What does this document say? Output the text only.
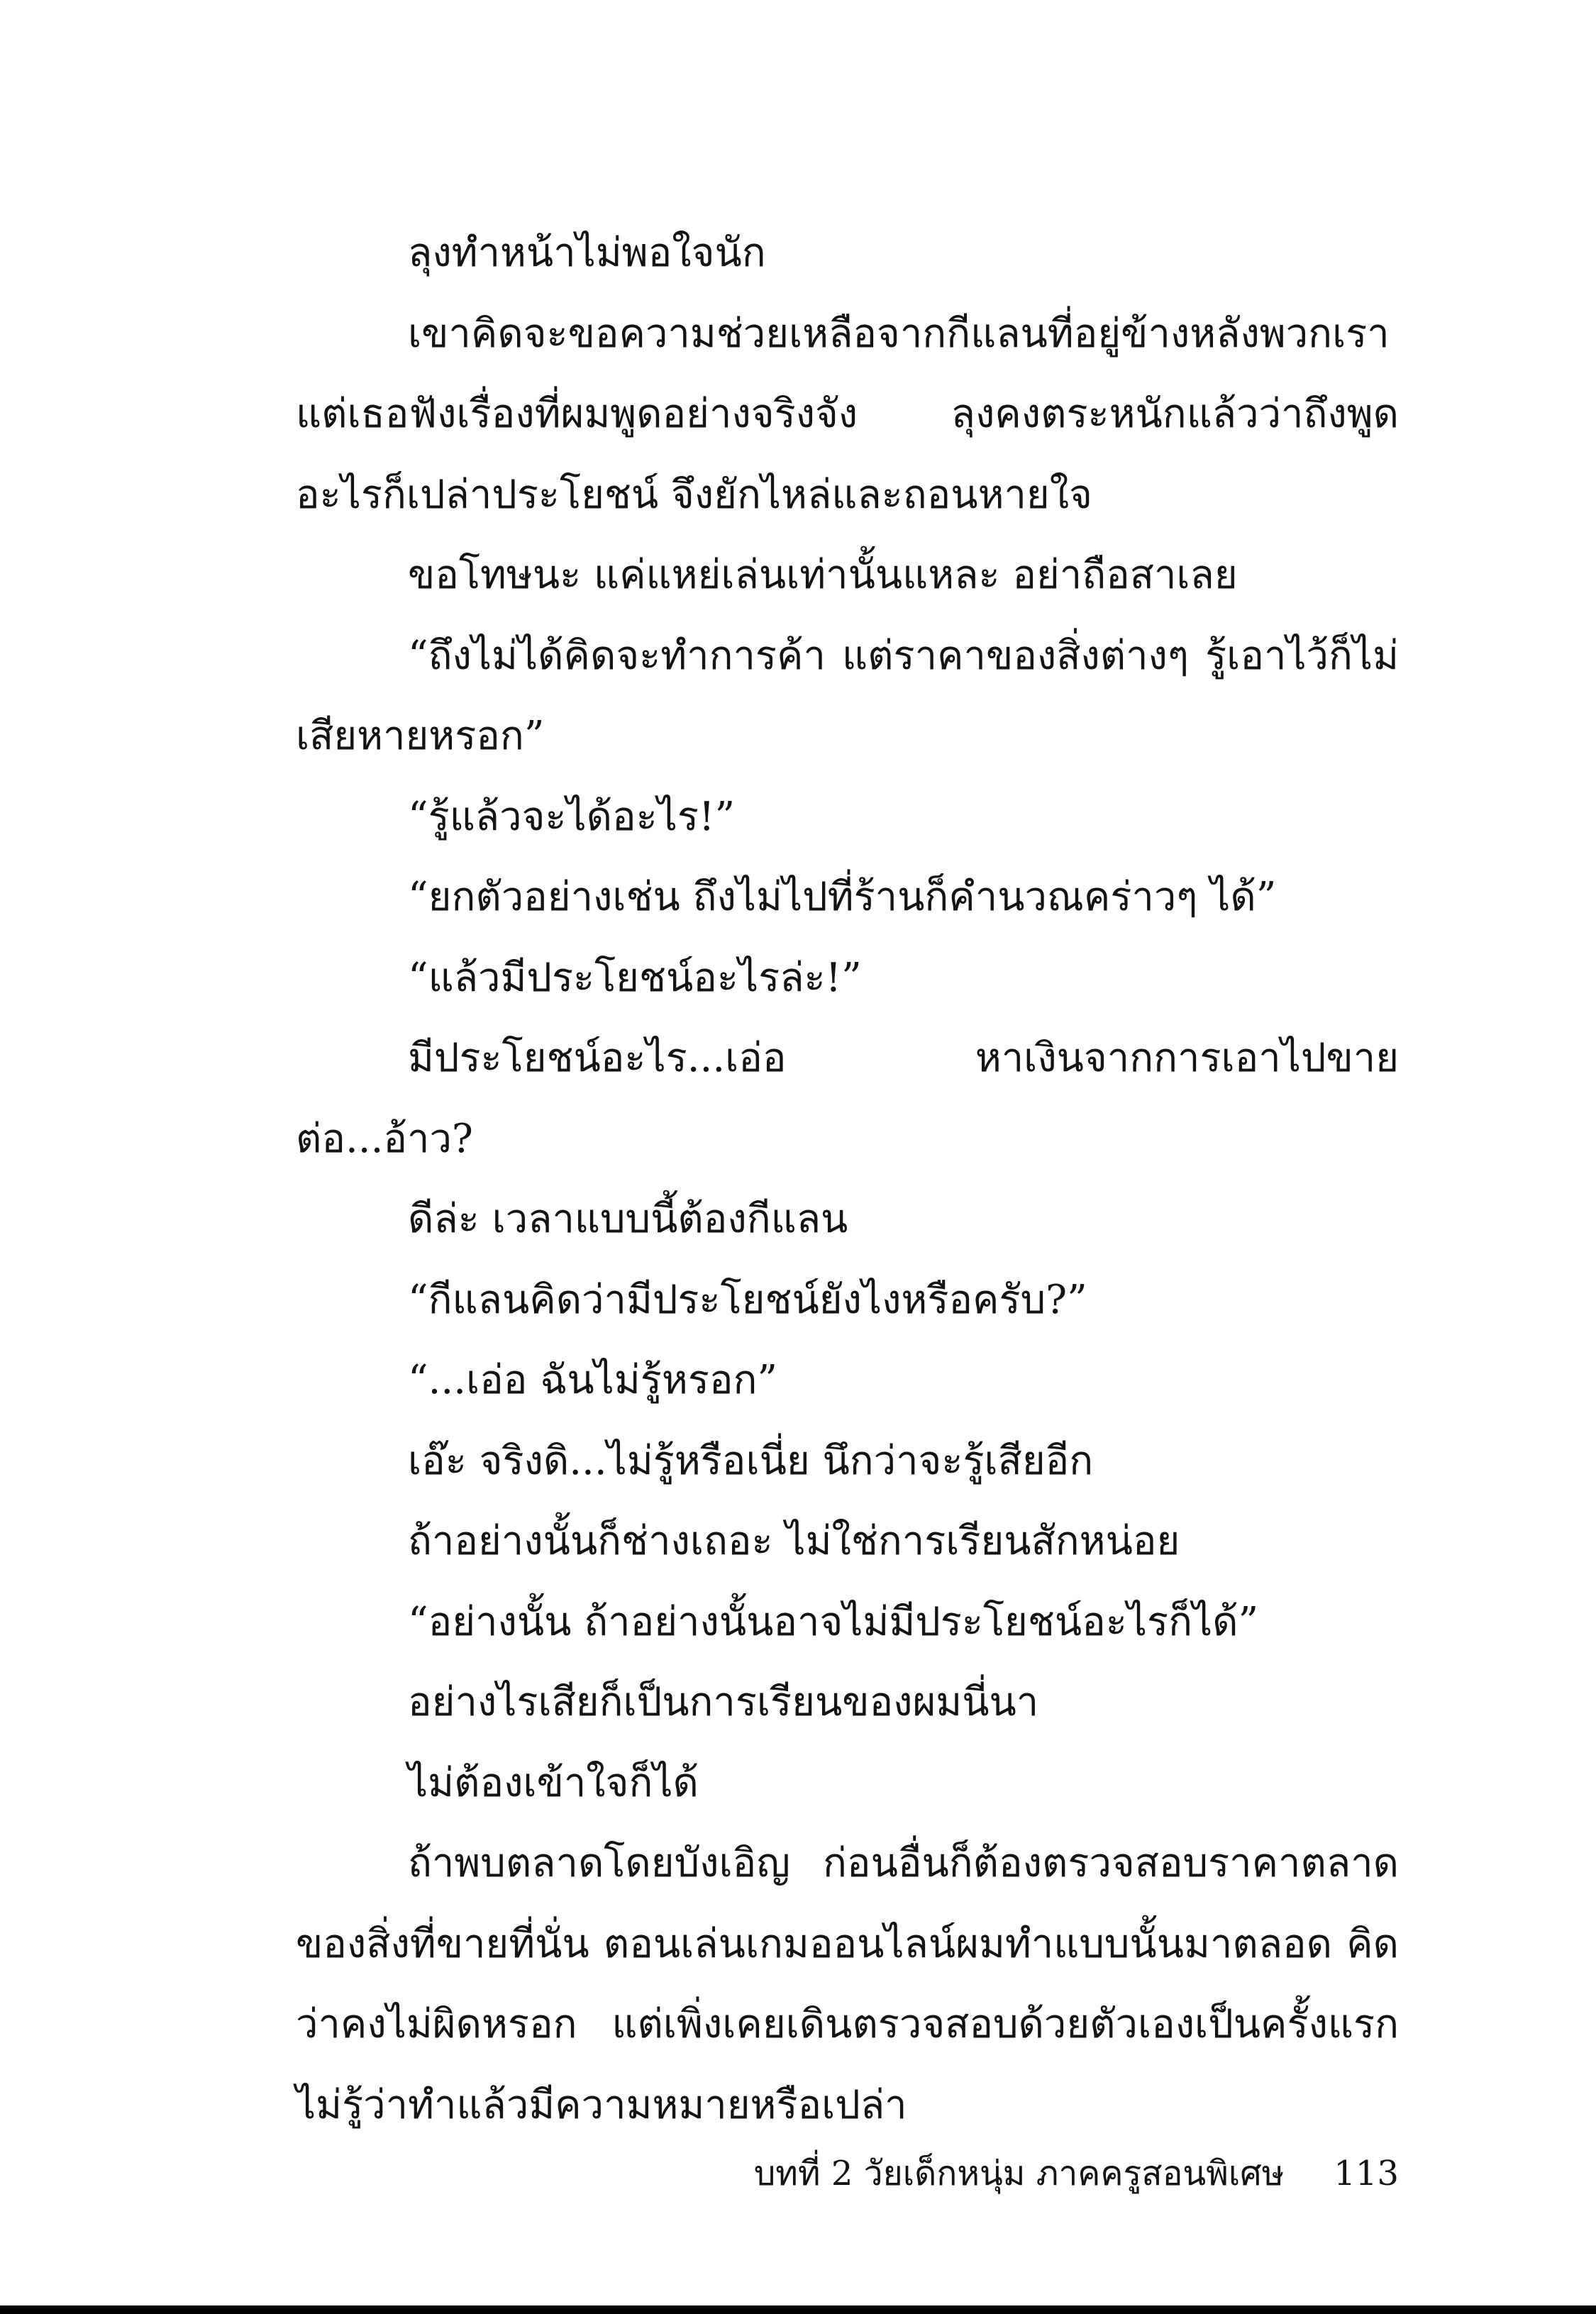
ลุงทำหน้าไม่พอใจนัก

เขาคิดจะขอความช่วยเหลือจากกีแลนที่อยู่ข้างหลังพวกเรา แต่เธอฟังเรื่องที่ผมพูดอย่างจริงจัง ลุงคงตระหนักแล้วว่าถึงพูดอะไรก็เปล่าประโยชน์ จึงยักไหล่และถอนหายใจ

ขอโทษนะ แค่แหย่เล่นเท่านั้นแหละ อย่าถือสาเลย

“ถึงไม่ได้คิดจะทำการค้า แต่ราคาของสิ่งต่างๆ รู้เอาไว้ก็ไม่เสียหายหรอก”

“รู้แล้วจะได้อะไร!”

“ยกตัวอย่างเช่น ถึงไม่ไปที่ร้านก็คำนวณคร่าวๆ ได้”

“แล้วมีประโยชน์อะไรล่ะ!”

มีประโยชน์อะไร...เอ่อ หาเงินจากการเอาไปขายต่อ...อ้าว?

ดีล่ะ เวลาแบบนี้ต้องกีแลน

“กีแลนคิดว่ามีประโยชน์ยังไงหรือครับ?”

“...เอ่อ ฉันไม่รู้หรอก”

เอ๊ะ จริงดิ...ไม่รู้หรือเนี่ย นึกว่าจะรู้เสียอีก

ถ้าอย่างนั้นก็ช่างเถอะ ไม่ใช่การเรียนสักหน่อย

“อย่างนั้น ถ้าอย่างนั้นอาจไม่มีประโยชน์อะไรก็ได้”

อย่างไรเสียก็เป็นการเรียนของผมนี่นา

ไม่ต้องเข้าใจก็ได้

ถ้าพบตลาดโดยบังเอิญ ก่อนอื่นก็ต้องตรวจสอบราคาตลาดของสิ่งที่ขายที่นั่น ตอนเล่นเกมออนไลน์ผมทำแบบนั้นมาตลอด คิดว่าคงไม่ผิดหรอก แต่เพิ่งเคยเดินตรวจสอบด้วยตัวเองเป็นครั้งแรก ไม่รู้ว่าทำแล้วมีความหมายหรือเปล่า

บทที่ 2 วัยเด็กหนุ่ม ภาคครูสอนพิเศษ 113
